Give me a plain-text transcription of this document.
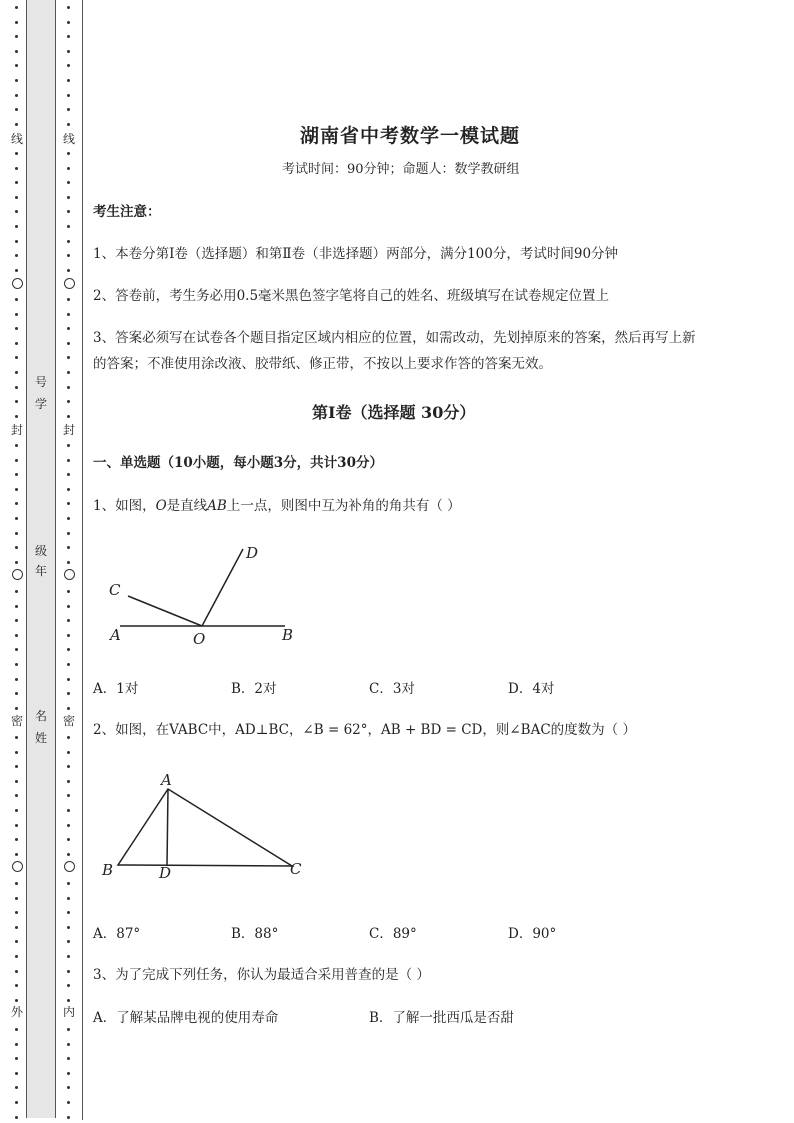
线
封
密
外
号
学
级
年
名
姓
线
封
密
内
湖南省中考数学一模试题
考试时间：90分钟；命题人：数学教研组
考生注意：
1、本卷分第I卷（选择题）和第Ⅱ卷（非选择题）两部分，满分100分，考试时间90分钟
2、答卷前，考生务必用0.5毫米黑色签字笔将自己的姓名、班级填写在试卷规定位置上
3、答案必须写在试卷各个题目指定区域内相应的位置，如需改动，先划掉原来的答案，然后再写上新
的答案；不准使用涂改液、胶带纸、修正带，不按以上要求作答的答案无效。
第I卷（选择题 30分）
一、单选题（10小题，每小题3分，共计30分）
1、如图，O是直线AB上一点，则图中互为补角的角共有（ ）
A	B
C
D
O
A．1对	B．2对	C．3对	D．4对
2、如图，在VABC中，AD⊥BC，∠B = 62°，AB + BD = CD，则∠BAC的度数为（ ）
A
B	C
D
A．87°	B．88°	C．89°	D．90°
3、为了完成下列任务，你认为最适合采用普查的是（ ）
A．了解某品牌电视的使用寿命	B．了解一批西瓜是否甜
